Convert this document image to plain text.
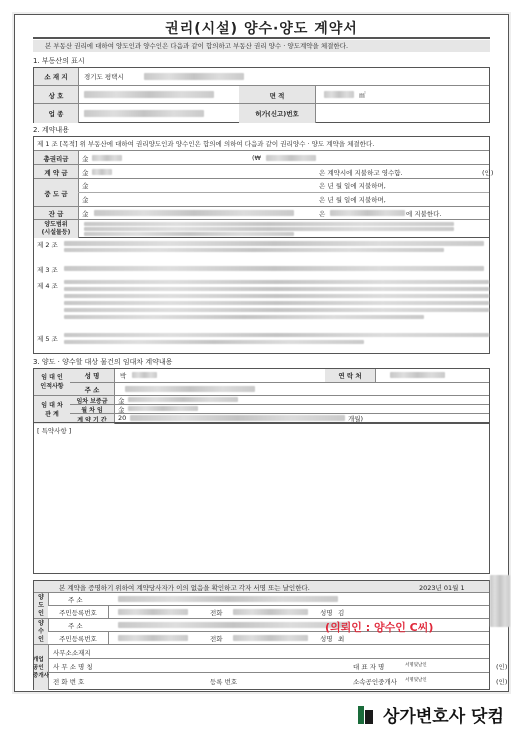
권리(시설) 양수·양도 계약서
본 부동산 권리에 대하여 양도인과 양수인은 다음과 같이 합의하고 부동산 권리 양수 · 양도계약을 체결한다.
1. 부동산의 표시
소 재 지	경기도 평택시
상 호	면 적	㎡
업 종	허가(신고)번호
2. 계약내용
제 1 조 [목적] 위 부동산에 대하여 권리양도인과 양수인은 합의에 의하여 다음과 같이 권리양수 · 양도 계약을 체결한다.
총권리금	金	(₩
계 약 금	金	은 계약시에 지불하고 영수함.	(인)
중 도 금
金	은 년 월 일에 지불하며,
金	은 년 월 일에 지불하며,
잔 금	金	은	에 지불한다.
양도범위
(시설물등)
제 2 조
제 3 조
제 4 조
제 5 조
3. 양도 · 양수할 대상 물건의 임대차 계약내용
임 대 인
인적사항
성 명	박	연 락 처
주 소
임 대 차
관 계
임차 보증금	金
월 차 임	金
계 약 기 간	20	개월)
[ 특약사항 ]
본 계약을 증명하기 위하여 계약당사자가 이의 없음을 확인하고 각자 서명 또는 날인한다.	2023년 01월 1
양
도
인
주 소
주민등록번호	전화	성명 김
양
수
인
주 소
주민등록번호	전화	성명 최
개업
공인
중개사
사무소소재지
사 무 소 명 칭	대 표 자 명	서명및날인	(인)
전 화 번 호	등록 번호	소속공인중개사 서명및날인	(인)
(의뢰인 : 양수인 C씨)
상가변호사 닷컴
